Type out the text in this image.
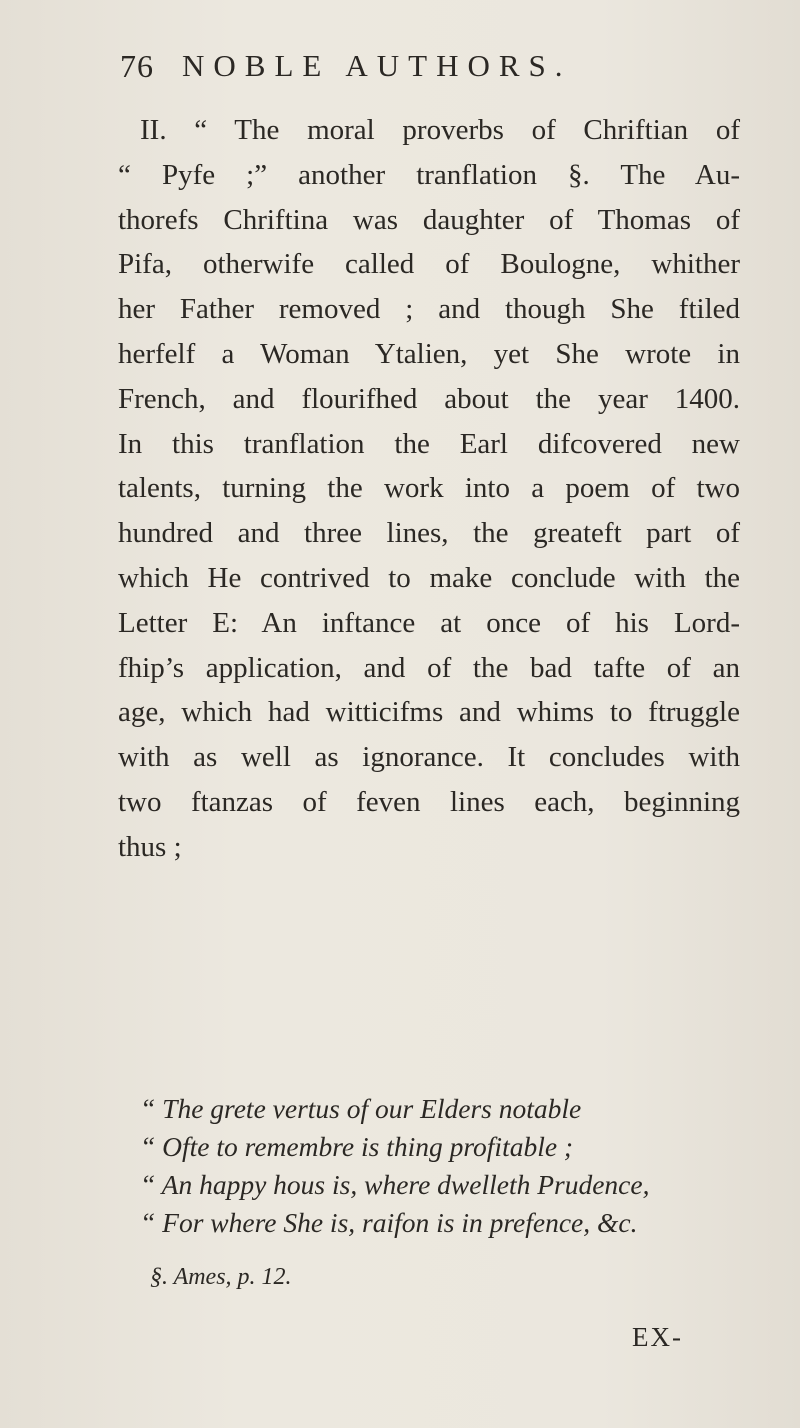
76 NOBLE AUTHORS.
II. “ The moral proverbs of Chriftian of
“ Pyfe ;” another tranflation §. The Au-
thorefs Chriftina was daughter of Thomas of
Pifa, otherwife called of Boulogne, whither
her Father removed ; and though She ftiled
herfelf a Woman Ytalien, yet She wrote in
French, and flourifhed about the year 1400.
In this tranflation the Earl difcovered new
talents, turning the work into a poem of two
hundred and three lines, the greateft part of
which He contrived to make conclude with the
Letter E: An inftance at once of his Lord-
fhip’s application, and of the bad tafte of an
age, which had witticifms and whims to ftruggle
with as well as ignorance. It concludes with
two ftanzas of feven lines each, beginning
thus ;
“ The grete vertus of our Elders notable
“ Ofte to remembre is thing profitable ;
“ An happy hous is, where dwelleth Prudence,
“ For where She is, raifon is in prefence, &c.
§. Ames, p. 12.
EX-
